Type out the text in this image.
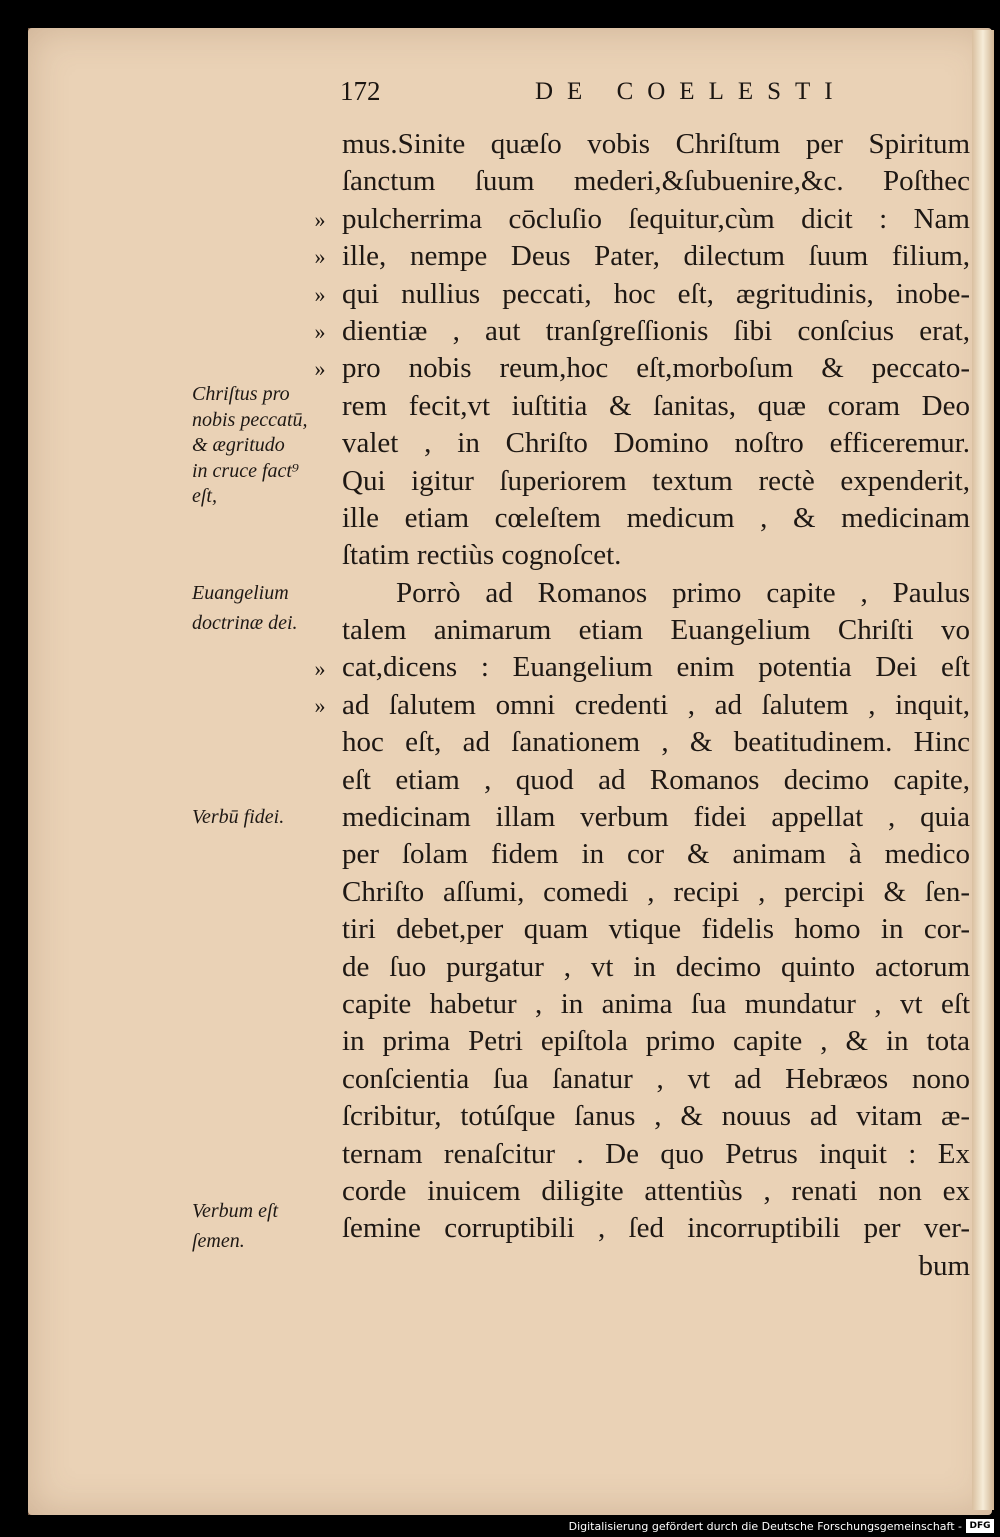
172	DE COELESTI
mus.Sinite quæſo vobis Chriſtum per Spiritum
ſanctum ſuum mederi,&ſubuenire,&c. Poſthec
pulcherrima cōcluſio ſequitur,cùm dicit : Nam
ille, nempe Deus Pater, dilectum ſuum filium,
qui nullius peccati, hoc eſt, ægritudinis, inobe-
dientiæ , aut tranſgreſſionis ſibi conſcius erat,
pro nobis reum,hoc eſt,morboſum & peccato-
rem fecit,vt iuſtitia & ſanitas, quæ coram Deo
valet , in Chriſto Domino noſtro efficeremur.
Qui igitur ſuperiorem textum rectè expenderit,
ille etiam cœleſtem medicum , & medicinam
ſtatim rectiùs cognoſcet.
Porrò ad Romanos primo capite , Paulus
talem animarum etiam Euangelium Chriſti vo
cat,dicens : Euangelium enim potentia Dei eſt
ad ſalutem omni credenti , ad ſalutem , inquit,
hoc eſt, ad ſanationem , & beatitudinem. Hinc
eſt etiam , quod ad Romanos decimo capite,
medicinam illam verbum fidei appellat , quia
per ſolam fidem in cor & animam à medico
Chriſto aſſumi, comedi , recipi , percipi & ſen-
tiri debet,per quam vtique fidelis homo in cor-
de ſuo purgatur , vt in decimo quinto actorum
capite habetur , in anima ſua mundatur , vt eſt
in prima Petri epiſtola primo capite , & in tota
conſcientia ſua ſanatur , vt ad Hebræos nono
ſcribitur, totúſque ſanus , & nouus ad vitam æ-
ternam renaſcitur . De quo Petrus inquit : Ex
corde inuicem diligite attentiùs , renati non ex
ſemine corruptibili , ſed incorruptibili per ver-
bum
»
»
»
»
»
»
»
Chriſtus pro
nobis peccatū,
& ægritudo
in cruce fact⁹
eſt,
Euangelium
doctrinæ dei.
Verbū fidei.
Verbum eſt
ſemen.
Digitalisierung gefördert durch die Deutsche Forschungsgemeinschaft - DFG
